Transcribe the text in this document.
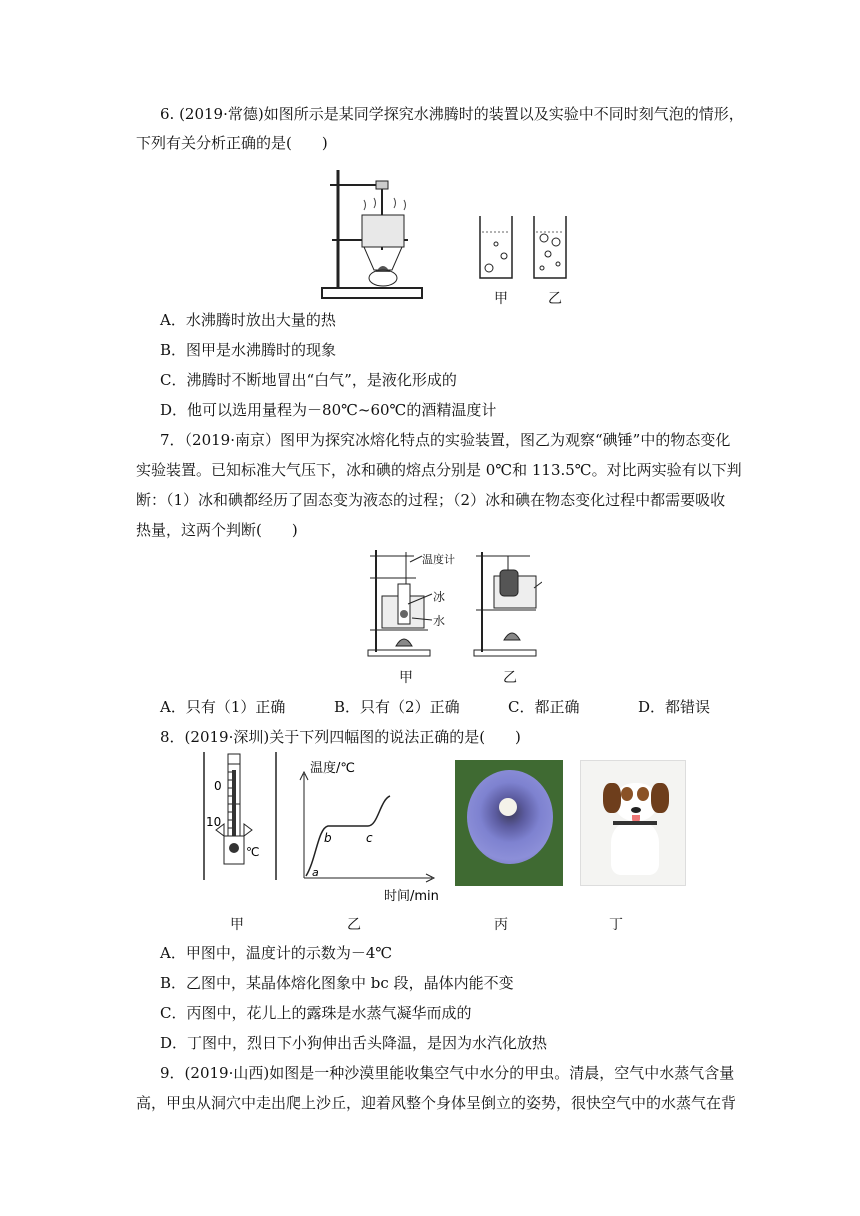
6. (2019·常德)如图所示是某同学探究水沸腾时的装置以及实验中不同时刻气泡的情形，
下列有关分析正确的是(　　)
甲	乙
A．水沸腾时放出大量的热
B．图甲是水沸腾时的现象
C．沸腾时不断地冒出“白气”，是液化形成的
D．他可以选用量程为－80℃~60℃的酒精温度计
7．（2019·南京）图甲为探究冰熔化特点的实验装置，图乙为观察“碘锤”中的物态变化
实验装置。已知标准大气压下，冰和碘的熔点分别是 0℃和 113.5℃。对比两实验有以下判
断：（1）冰和碘都经历了固态变为液态的过程；（2）冰和碘在物态变化过程中都需要吸收
热量，这两个判断(　　)
温度计
冰
水
甲	乙
A．只有（1）正确	B．只有（2）正确	C．都正确	D．都错误
8．(2019·深圳)关于下列四幅图的说法正确的是(　　)
0
10
℃
温度/℃
时间/min
a
b	c
甲	乙	丙	丁
A．甲图中，温度计的示数为－4℃
B．乙图中，某晶体熔化图象中 bc 段，晶体内能不变
C．丙图中，花儿上的露珠是水蒸气凝华而成的
D．丁图中，烈日下小狗伸出舌头降温，是因为水汽化放热
9．(2019·山西)如图是一种沙漠里能收集空气中水分的甲虫。清晨，空气中水蒸气含量
高，甲虫从洞穴中走出爬上沙丘，迎着风整个身体呈倒立的姿势，很快空气中的水蒸气在背
